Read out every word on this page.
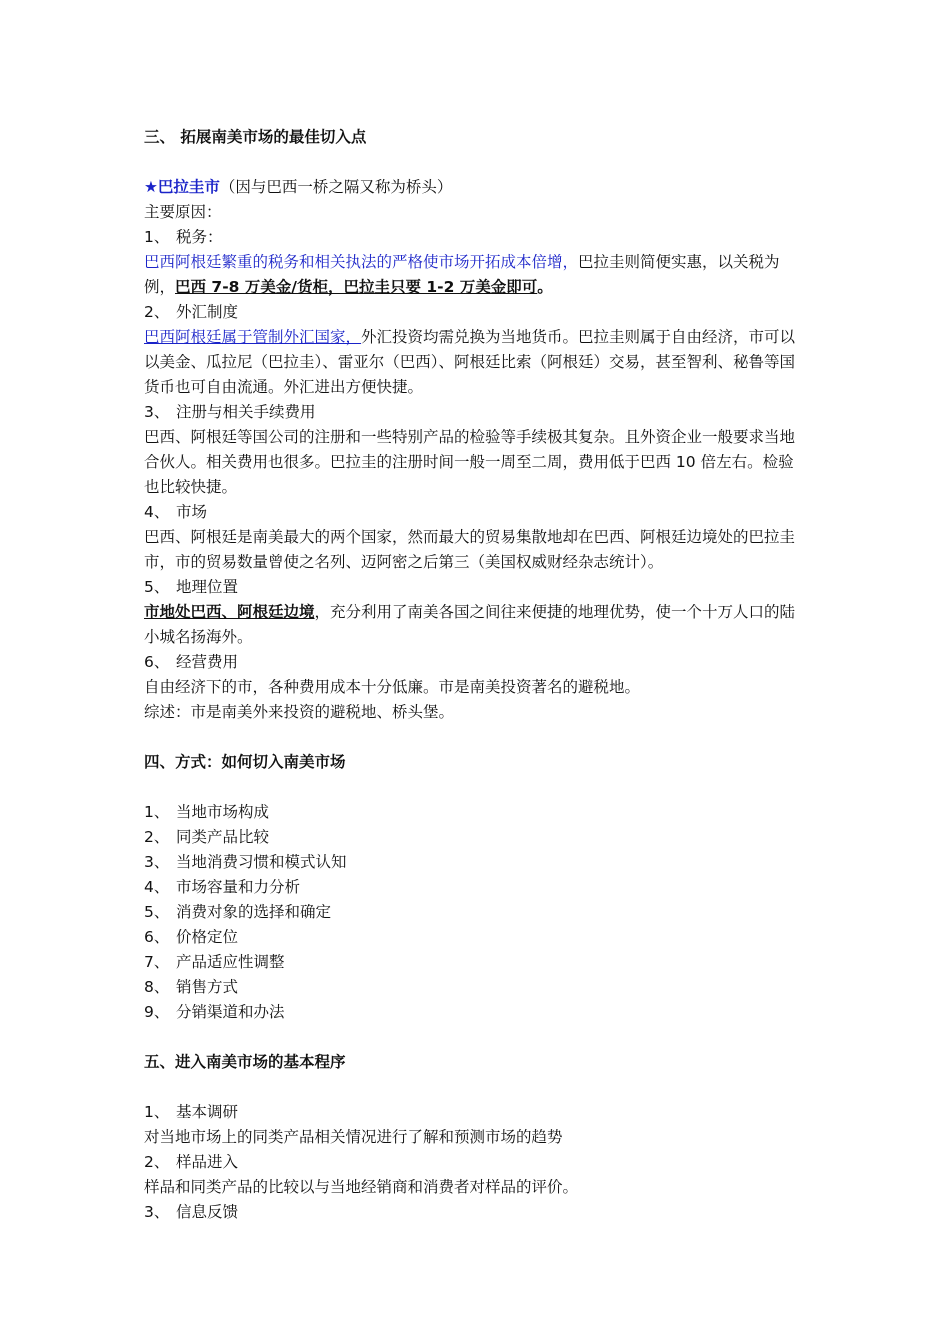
三、 拓展南美市场的最佳切入点

★巴拉圭市（因与巴西一桥之隔又称为桥头）

主要原因：

1、 税务：

巴西阿根廷繁重的税务和相关执法的严格使市场开拓成本倍增，巴拉圭则简便实惠，以关税为例，巴西 7-8 万美金/货柜，巴拉圭只要 1-2 万美金即可。

2、 外汇制度

巴西阿根廷属于管制外汇国家，外汇投资均需兑换为当地货币。巴拉圭则属于自由经济，市可以以美金、瓜拉尼（巴拉圭）、雷亚尔（巴西）、阿根廷比索（阿根廷）交易，甚至智利、秘鲁等国货币也可自由流通。外汇进出方便快捷。

3、 注册与相关手续费用

巴西、阿根廷等国公司的注册和一些特别产品的检验等手续极其复杂。且外资企业一般要求当地合伙人。相关费用也很多。巴拉圭的注册时间一般一周至二周，费用低于巴西 10 倍左右。检验也比较快捷。

4、 市场

巴西、阿根廷是南美最大的两个国家，然而最大的贸易集散地却在巴西、阿根廷边境处的巴拉圭市，市的贸易数量曾使之名列、迈阿密之后第三（美国权威财经杂志统计）。

5、 地理位置

市地处巴西、阿根廷边境，充分利用了南美各国之间往来便捷的地理优势，使一个十万人口的陆小城名扬海外。

6、 经营费用

自由经济下的市，各种费用成本十分低廉。市是南美投资著名的避税地。

综述：市是南美外来投资的避税地、桥头堡。

四、方式：如何切入南美市场

1、 当地市场构成

2、 同类产品比较

3、 当地消费习惯和模式认知

4、 市场容量和力分析

5、 消费对象的选择和确定

6、 价格定位

7、 产品适应性调整

8、 销售方式

9、 分销渠道和办法

五、进入南美市场的基本程序

1、 基本调研

对当地市场上的同类产品相关情况进行了解和预测市场的趋势

2、 样品进入

样品和同类产品的比较以与当地经销商和消费者对样品的评价。

3、 信息反馈
